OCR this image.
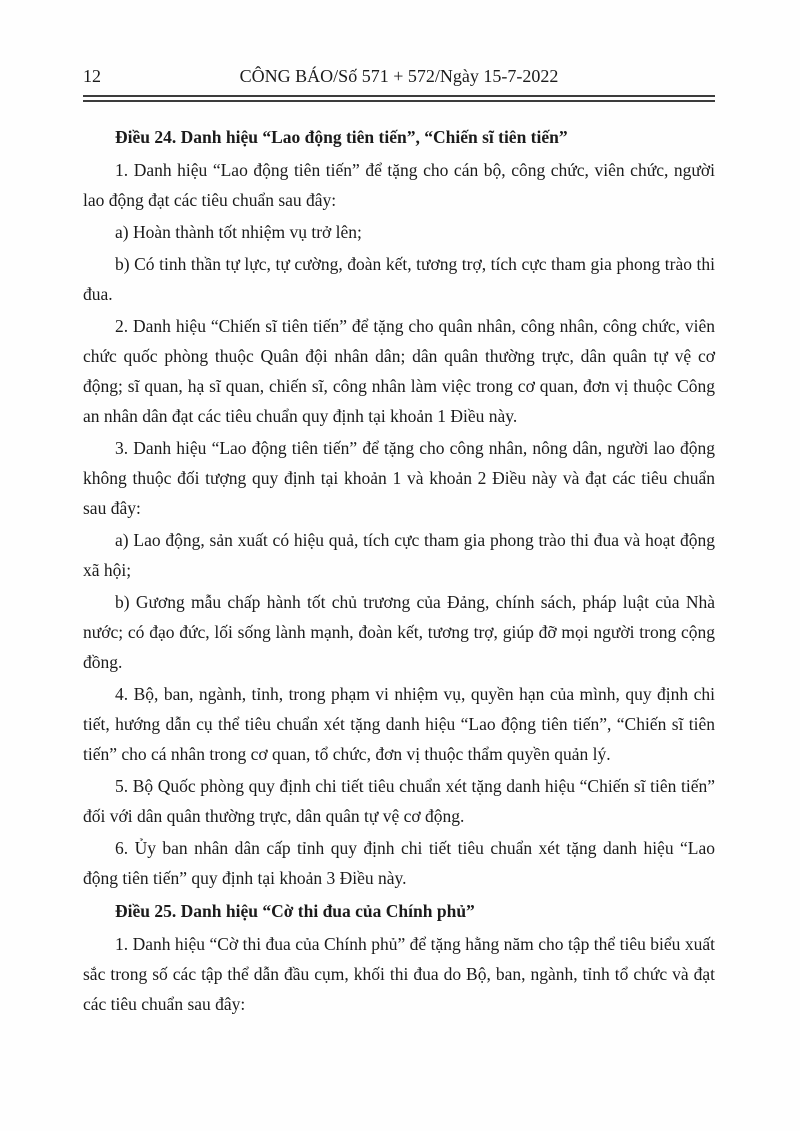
12	CÔNG BÁO/Số 571 + 572/Ngày 15-7-2022
Điều 24. Danh hiệu “Lao động tiên tiến”, “Chiến sĩ tiên tiến”

1. Danh hiệu “Lao động tiên tiến” để tặng cho cán bộ, công chức, viên chức, người lao động đạt các tiêu chuẩn sau đây:

a) Hoàn thành tốt nhiệm vụ trở lên;

b) Có tinh thần tự lực, tự cường, đoàn kết, tương trợ, tích cực tham gia phong trào thi đua.

2. Danh hiệu “Chiến sĩ tiên tiến” để tặng cho quân nhân, công nhân, công chức, viên chức quốc phòng thuộc Quân đội nhân dân; dân quân thường trực, dân quân tự vệ cơ động; sĩ quan, hạ sĩ quan, chiến sĩ, công nhân làm việc trong cơ quan, đơn vị thuộc Công an nhân dân đạt các tiêu chuẩn quy định tại khoản 1 Điều này.

3. Danh hiệu “Lao động tiên tiến” để tặng cho công nhân, nông dân, người lao động không thuộc đối tượng quy định tại khoản 1 và khoản 2 Điều này và đạt các tiêu chuẩn sau đây:

a) Lao động, sản xuất có hiệu quả, tích cực tham gia phong trào thi đua và hoạt động xã hội;

b) Gương mẫu chấp hành tốt chủ trương của Đảng, chính sách, pháp luật của Nhà nước; có đạo đức, lối sống lành mạnh, đoàn kết, tương trợ, giúp đỡ mọi người trong cộng đồng.

4. Bộ, ban, ngành, tỉnh, trong phạm vi nhiệm vụ, quyền hạn của mình, quy định chi tiết, hướng dẫn cụ thể tiêu chuẩn xét tặng danh hiệu “Lao động tiên tiến”, “Chiến sĩ tiên tiến” cho cá nhân trong cơ quan, tổ chức, đơn vị thuộc thẩm quyền quản lý.

5. Bộ Quốc phòng quy định chi tiết tiêu chuẩn xét tặng danh hiệu “Chiến sĩ tiên tiến” đối với dân quân thường trực, dân quân tự vệ cơ động.

6. Ủy ban nhân dân cấp tỉnh quy định chi tiết tiêu chuẩn xét tặng danh hiệu “Lao động tiên tiến” quy định tại khoản 3 Điều này.

Điều 25. Danh hiệu “Cờ thi đua của Chính phủ”

1. Danh hiệu “Cờ thi đua của Chính phủ” để tặng hằng năm cho tập thể tiêu biểu xuất sắc trong số các tập thể dẫn đầu cụm, khối thi đua do Bộ, ban, ngành, tỉnh tổ chức và đạt các tiêu chuẩn sau đây:
